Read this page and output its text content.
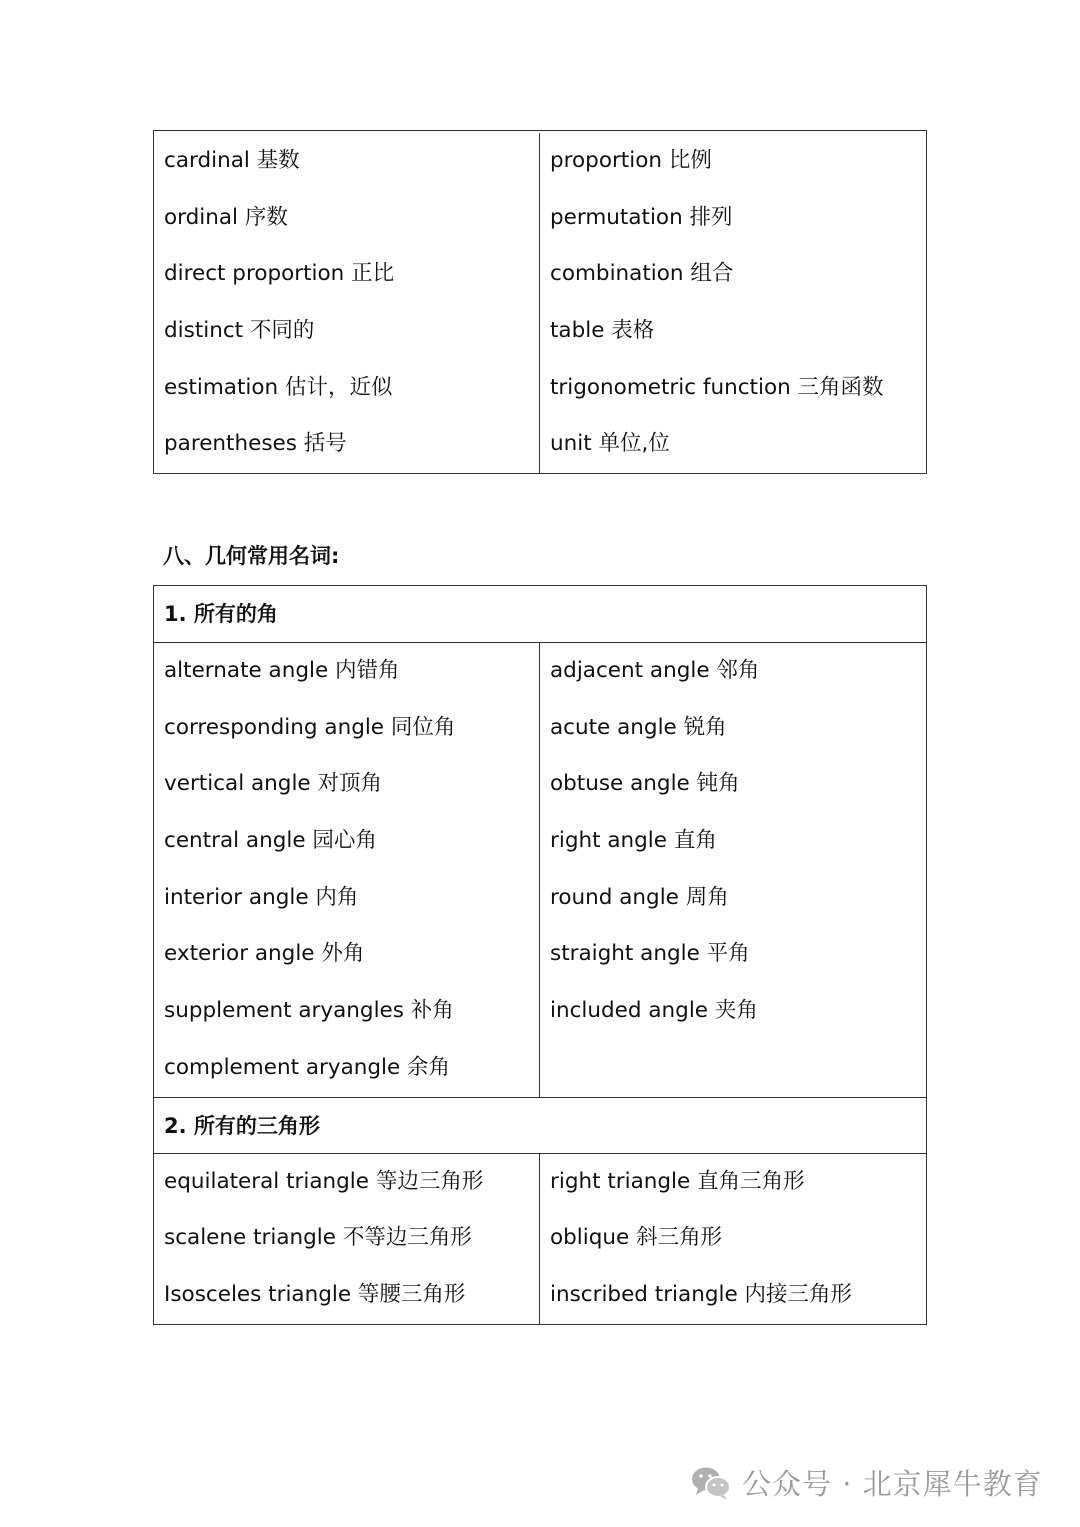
cardinal 基数
ordinal 序数
direct proportion 正比
distinct 不同的
estimation 估计，近似
parentheses 括号
proportion 比例
permutation 排列
combination 组合
table 表格
trigonometric function 三角函数
unit 单位,位
八、几何常用名词:
1. 所有的角
alternate angle 内错角
corresponding angle 同位角
vertical angle 对顶角
central angle 园心角
interior angle 内角
exterior angle 外角
supplement aryangles 补角
complement aryangle 余角
adjacent angle 邻角
acute angle 锐角
obtuse angle 钝角
right angle 直角
round angle 周角
straight angle 平角
included angle 夹角
2. 所有的三角形
equilateral triangle 等边三角形
scalene triangle 不等边三角形
Isosceles triangle 等腰三角形
right triangle 直角三角形
oblique 斜三角形
inscribed triangle 内接三角形
公众号 · 北京犀牛教育
